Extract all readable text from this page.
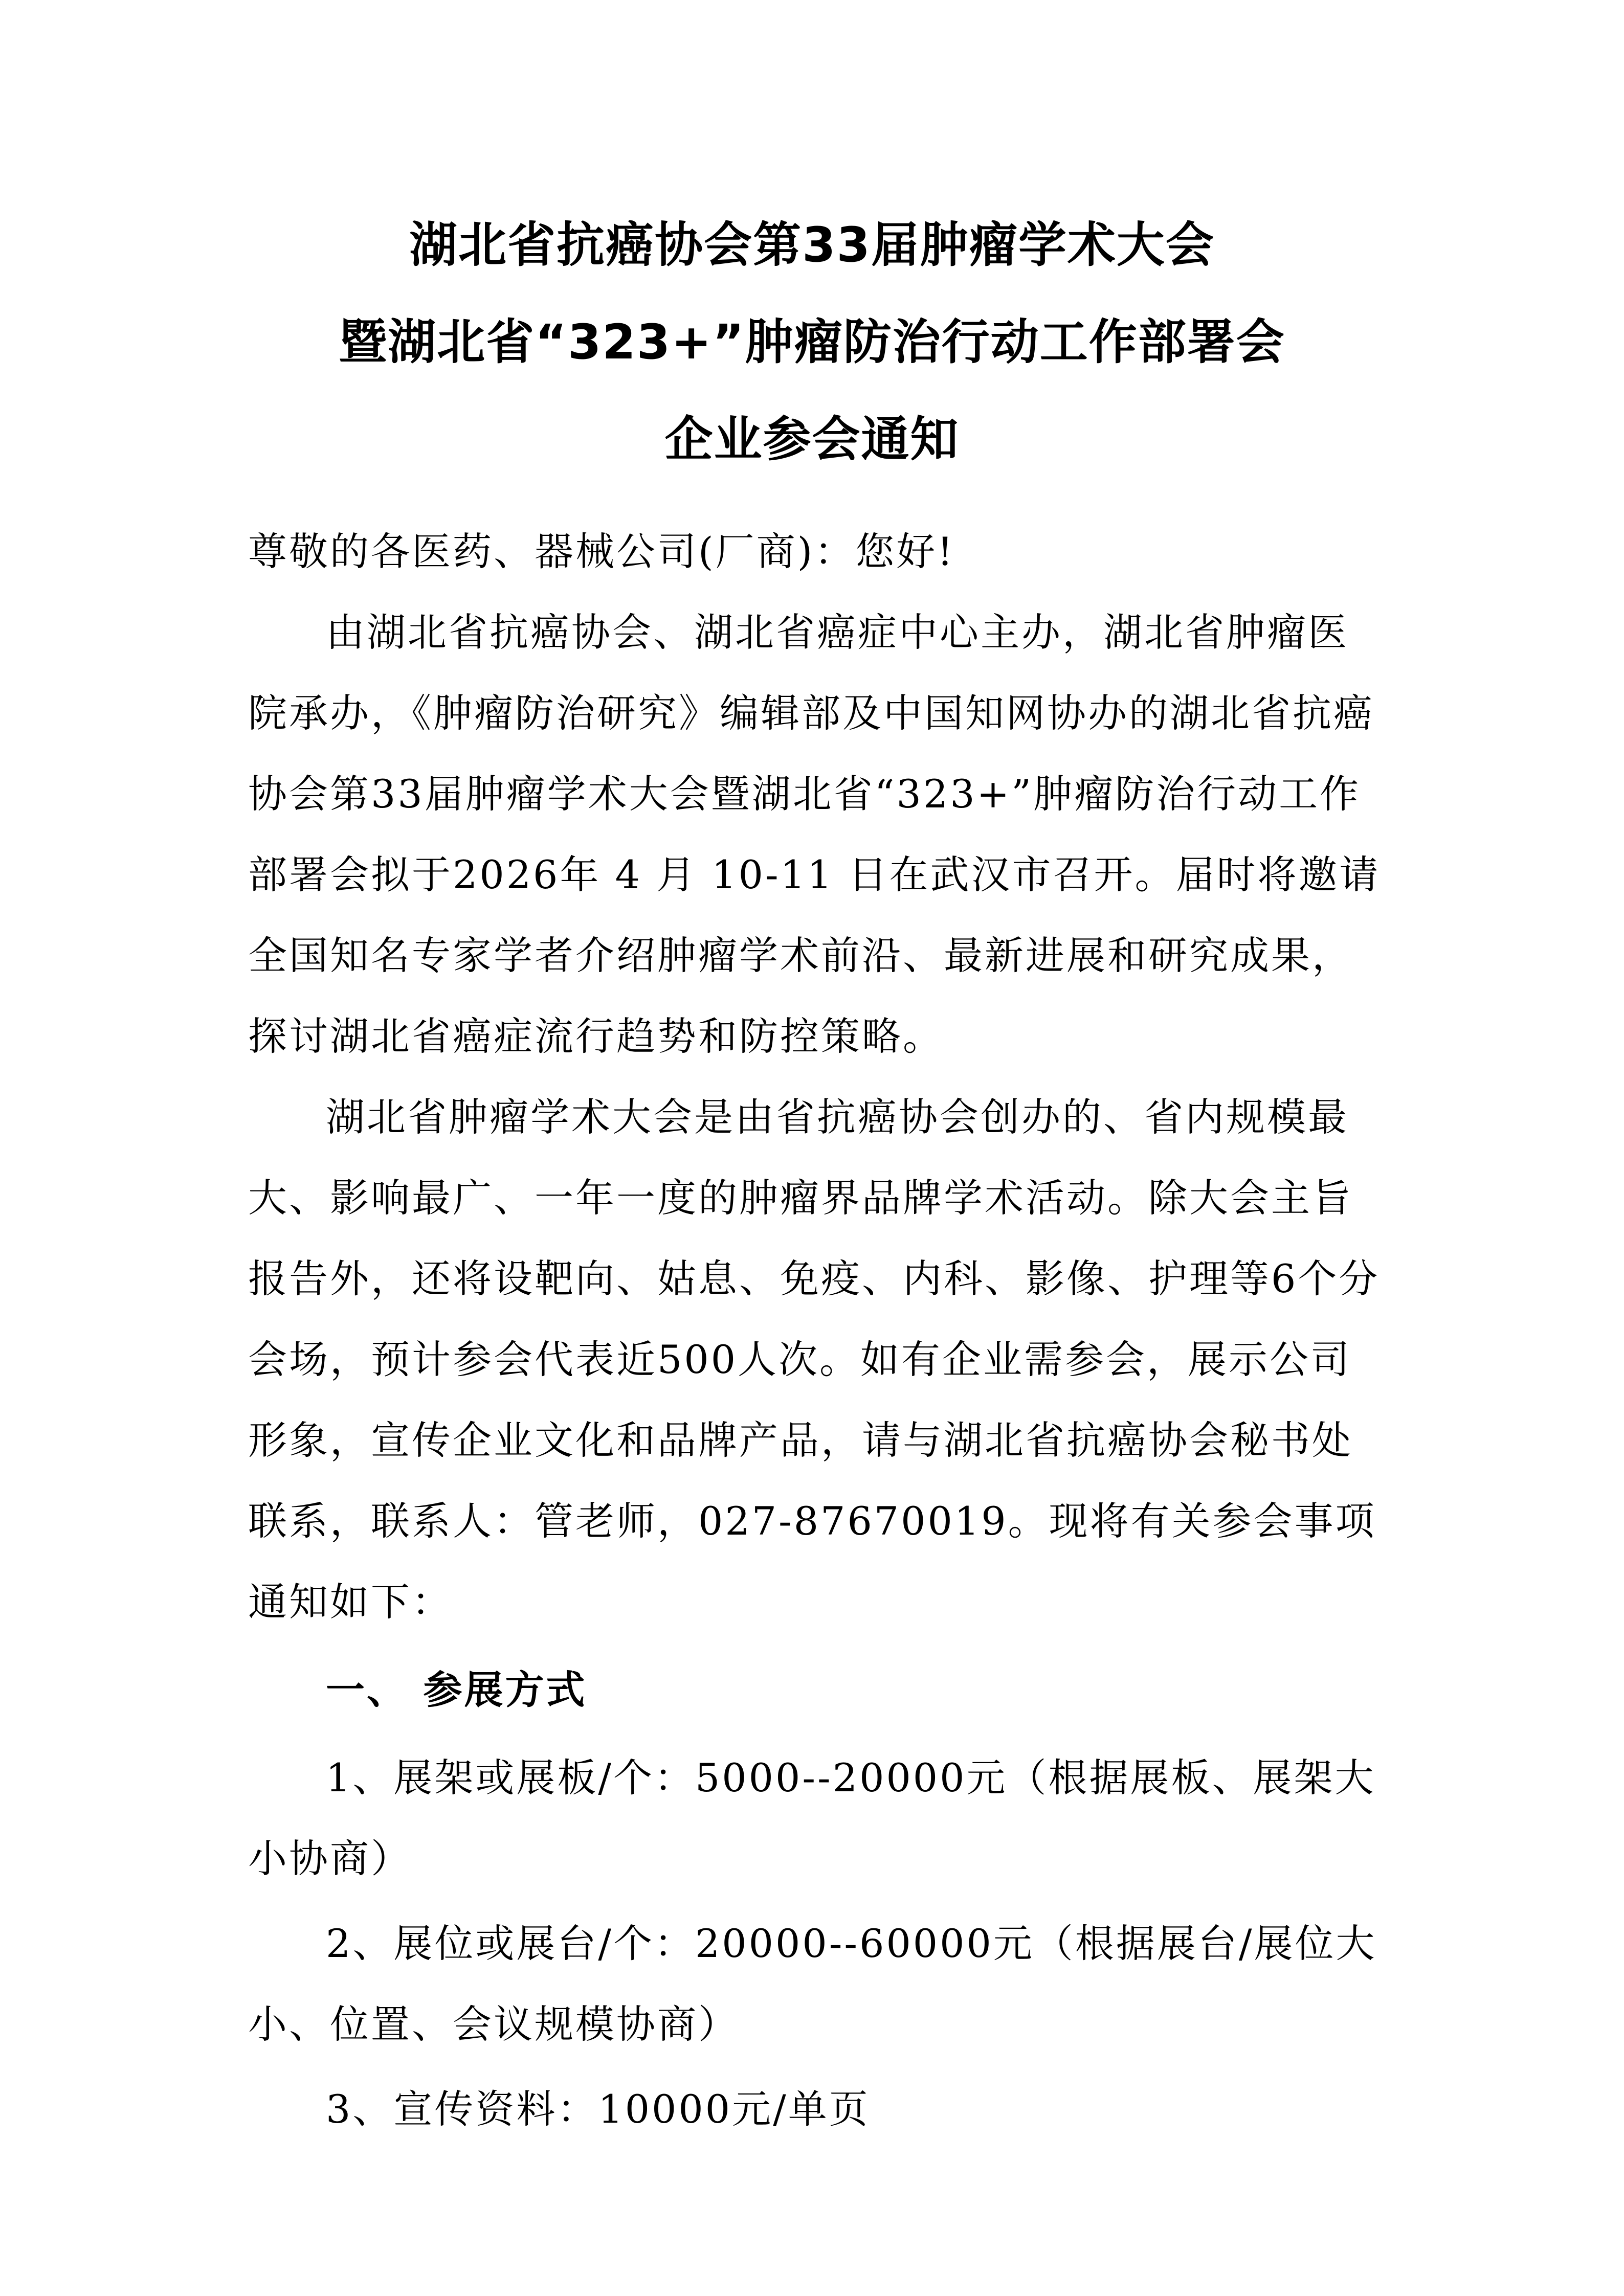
湖北省抗癌协会第33届肿瘤学术大会
暨湖北省“323+”肿瘤防治行动工作部署会
企业参会通知

尊敬的各医药、器械公司(厂商)：您好!

由湖北省抗癌协会、湖北省癌症中心主办，湖北省肿瘤医院承办，《肿瘤防治研究》编辑部及中国知网协办的湖北省抗癌协会第33届肿瘤学术大会暨湖北省“323+”肿瘤防治行动工作部署会拟于2026年 4 月 10-11 日在武汉市召开。届时将邀请全国知名专家学者介绍肿瘤学术前沿、最新进展和研究成果，探讨湖北省癌症流行趋势和防控策略。

湖北省肿瘤学术大会是由省抗癌协会创办的、省内规模最大、影响最广、一年一度的肿瘤界品牌学术活动。除大会主旨报告外，还将设靶向、姑息、免疫、内科、影像、护理等6个分会场，预计参会代表近500人次。如有企业需参会，展示公司形象，宣传企业文化和品牌产品，请与湖北省抗癌协会秘书处联系，联系人：管老师，027-87670019。现将有关参会事项通知如下：

一、 参展方式

1、展架或展板/个：5000--20000元（根据展板、展架大小协商）

2、展位或展台/个：20000--60000元（根据展台/展位大小、位置、会议规模协商）

3、宣传资料：10000元/单页
